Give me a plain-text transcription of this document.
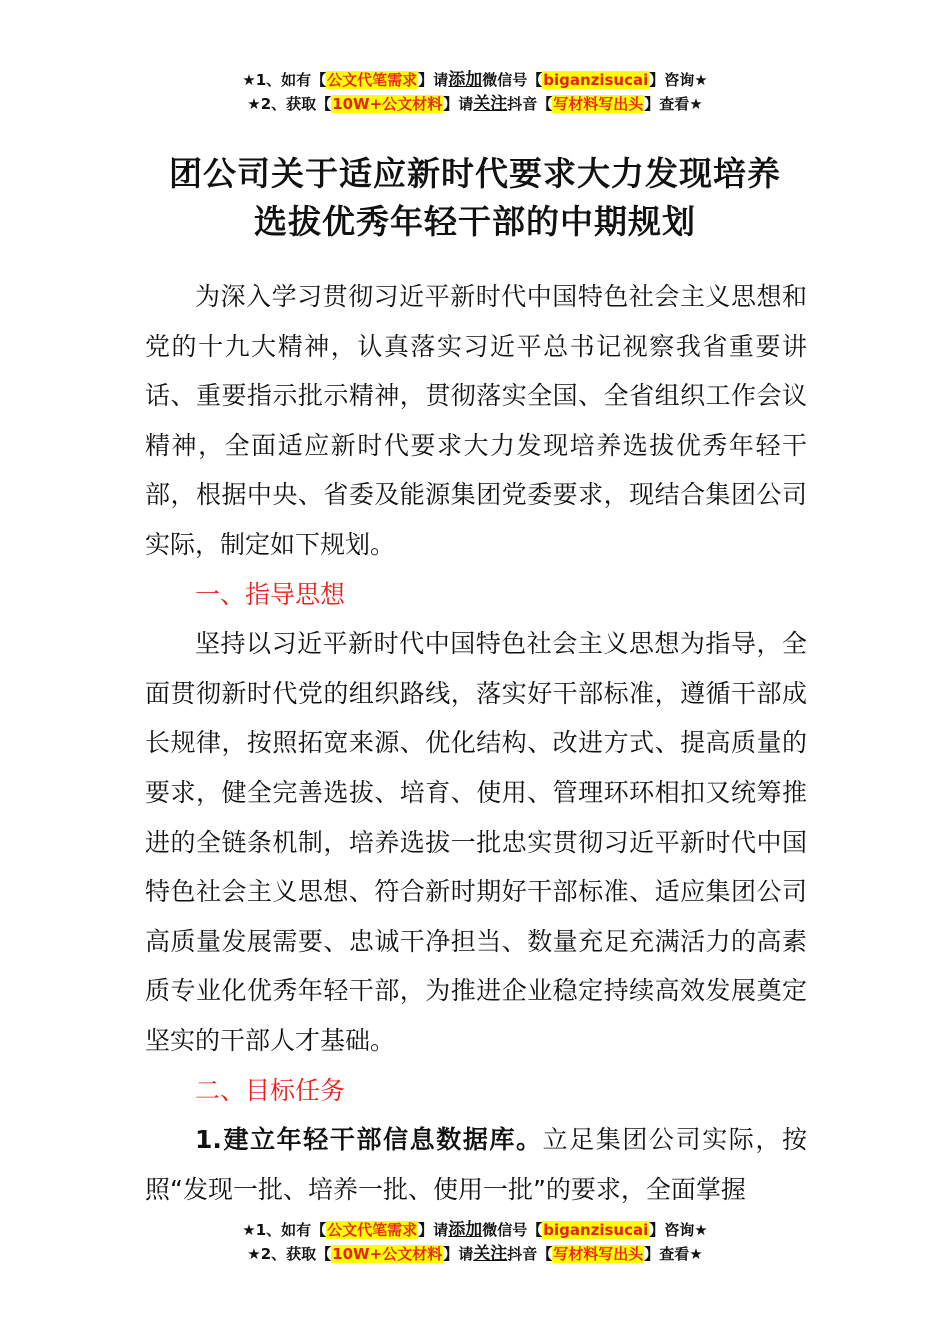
★1、如有【公文代笔需求】请添加微信号【biganzisucai】咨询★
★2、获取【10W+公文材料】请关注抖音【写材料写出头】查看★
团公司关于适应新时代要求大力发现培养
选拔优秀年轻干部的中期规划

为深入学习贯彻习近平新时代中国特色社会主义思想和党的十九大精神，认真落实习近平总书记视察我省重要讲话、重要指示批示精神，贯彻落实全国、全省组织工作会议精神，全面适应新时代要求大力发现培养选拔优秀年轻干部，根据中央、省委及能源集团党委要求，现结合集团公司实际，制定如下规划。

一、指导思想

坚持以习近平新时代中国特色社会主义思想为指导，全面贯彻新时代党的组织路线，落实好干部标准，遵循干部成长规律，按照拓宽来源、优化结构、改进方式、提高质量的要求，健全完善选拔、培育、使用、管理环环相扣又统筹推进的全链条机制，培养选拔一批忠实贯彻习近平新时代中国特色社会主义思想、符合新时期好干部标准、适应集团公司高质量发展需要、忠诚干净担当、数量充足充满活力的高素质专业化优秀年轻干部，为推进企业稳定持续高效发展奠定坚实的干部人才基础。

二、目标任务

1.建立年轻干部信息数据库。立足集团公司实际，按照“发现一批、培养一批、使用一批”的要求，全面掌握

★1、如有【公文代笔需求】请添加微信号【biganzisucai】咨询★
★2、获取【10W+公文材料】请关注抖音【写材料写出头】查看★
